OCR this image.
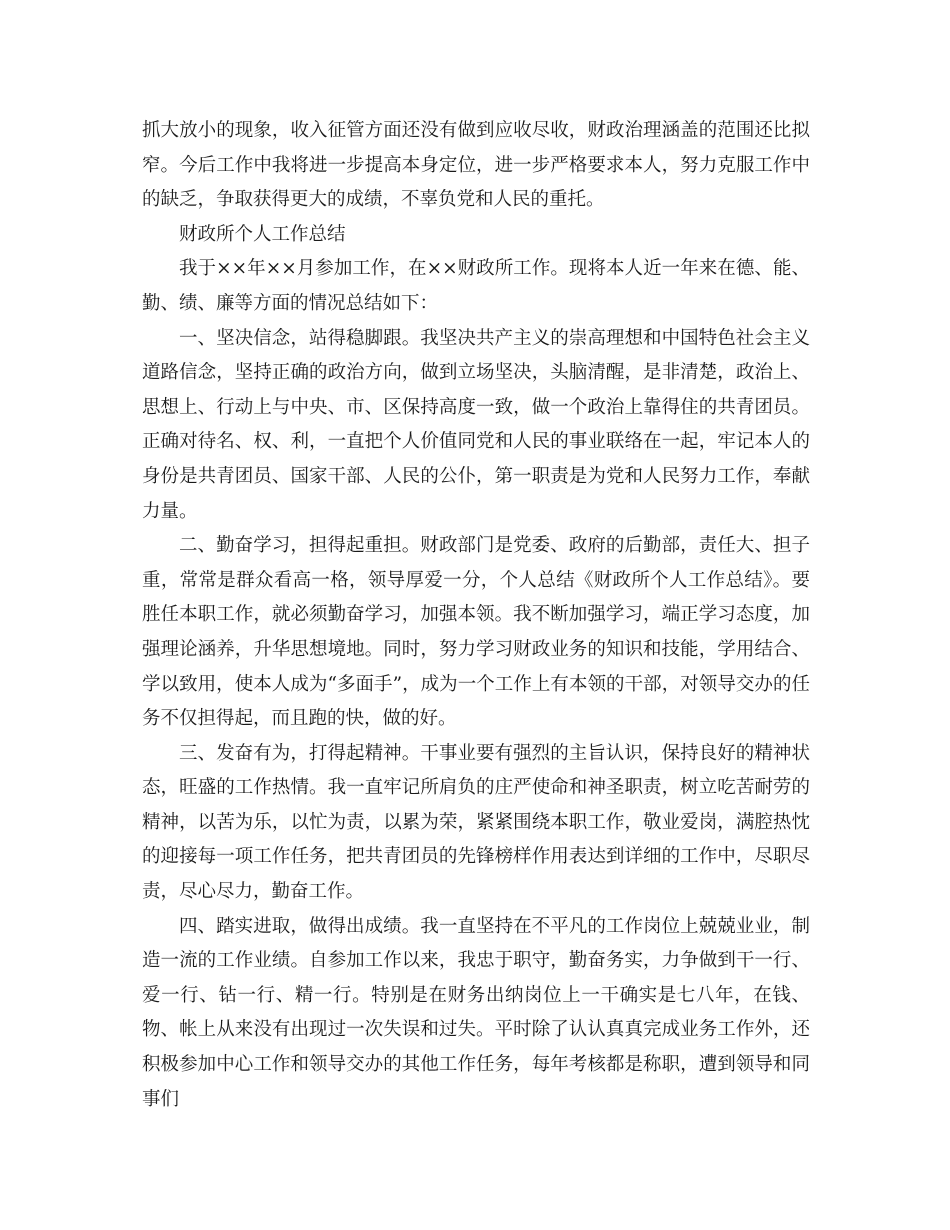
抓大放小的现象，收入征管方面还没有做到应收尽收，财政治理涵盖的范围还比拟窄。今后工作中我将进一步提高本身定位，进一步严格要求本人，努力克服工作中的缺乏，争取获得更大的成绩，不辜负党和人民的重托。

财政所个人工作总结

我于××年××月参加工作，在××财政所工作。现将本人近一年来在德、能、勤、绩、廉等方面的情况总结如下：

一、坚决信念，站得稳脚跟。我坚决共产主义的崇高理想和中国特色社会主义道路信念，坚持正确的政治方向，做到立场坚决，头脑清醒，是非清楚，政治上、思想上、行动上与中央、市、区保持高度一致，做一个政治上靠得住的共青团员。正确对待名、权、利，一直把个人价值同党和人民的事业联络在一起，牢记本人的身份是共青团员、国家干部、人民的公仆，第一职责是为党和人民努力工作，奉献力量。

二、勤奋学习，担得起重担。财政部门是党委、政府的后勤部，责任大、担子重，常常是群众看高一格，领导厚爱一分，个人总结《财政所个人工作总结》。要胜任本职工作，就必须勤奋学习，加强本领。我不断加强学习，端正学习态度，加强理论涵养，升华思想境地。同时，努力学习财政业务的知识和技能，学用结合、学以致用，使本人成为“多面手”，成为一个工作上有本领的干部，对领导交办的任务不仅担得起，而且跑的快，做的好。

三、发奋有为，打得起精神。干事业要有强烈的主旨认识，保持良好的精神状态，旺盛的工作热情。我一直牢记所肩负的庄严使命和神圣职责，树立吃苦耐劳的精神，以苦为乐，以忙为责，以累为荣，紧紧围绕本职工作，敬业爱岗，满腔热忱的迎接每一项工作任务，把共青团员的先锋榜样作用表达到详细的工作中，尽职尽责，尽心尽力，勤奋工作。

四、踏实进取，做得出成绩。我一直坚持在不平凡的工作岗位上兢兢业业，制造一流的工作业绩。自参加工作以来，我忠于职守，勤奋务实，力争做到干一行、爱一行、钻一行、精一行。特别是在财务出纳岗位上一干确实是七八年，在钱、物、帐上从来没有出现过一次失误和过失。平时除了认认真真完成业务工作外，还积极参加中心工作和领导交办的其他工作任务，每年考核都是称职，遭到领导和同事们
